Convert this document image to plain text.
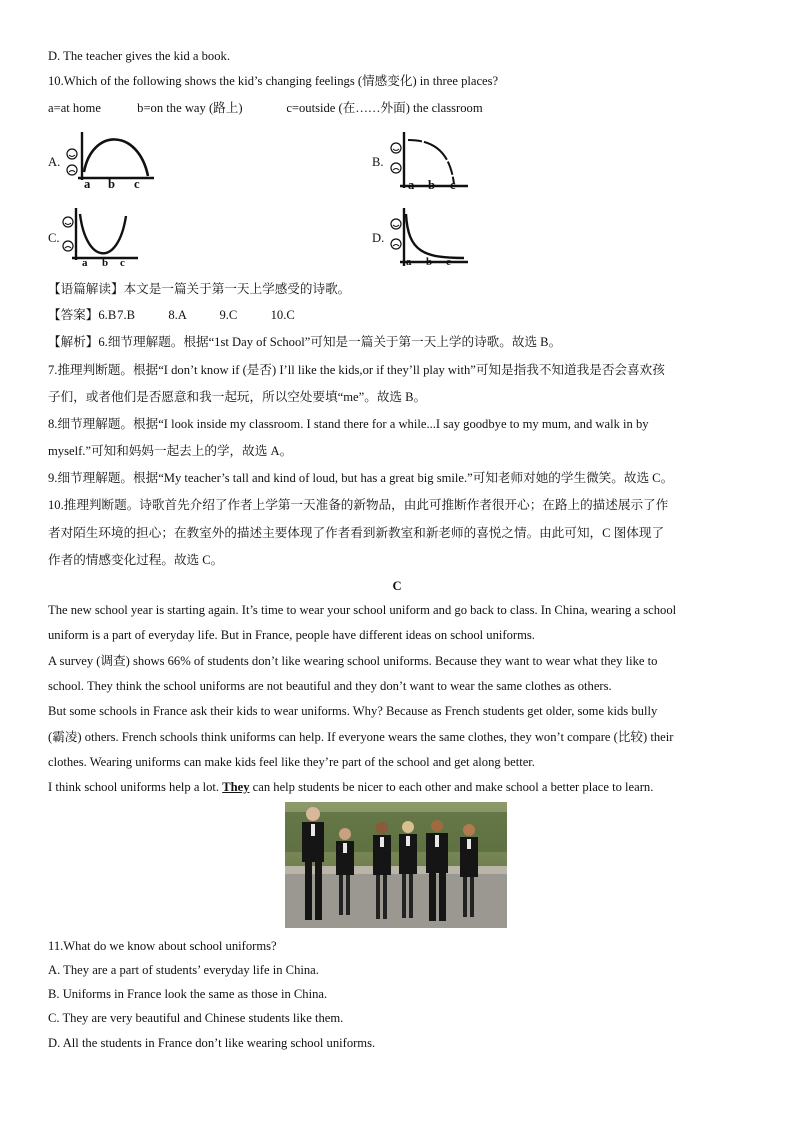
D. The teacher gives the kid a book.
10.Which of the following shows the kid’s changing feelings (情感变化) in three places?
a=at home	b=on the way (路上)	c=outside (在……外面) the classroom
A.
a b c
B.
a b c
C.
a b c
D.
a b c
【语篇解读】本文是一篇关于第一天上学感受的诗歌。
【答案】6.B 7.B	8.A	9.C	10.C
【解析】6.细节理解题。根据“1st Day of School”可知是一篇关于第一天上学的诗歌。故选 B。
7.推理判断题。根据“I don’t know if (是否) I’ll like the kids,or if they’ll play with”可知是指我不知道我是否会喜欢孩
子们，或者他们是否愿意和我一起玩，所以空处要填“me”。故选 B。
8.细节理解题。根据“I look inside my classroom. I stand there for a while...I say goodbye to my mum, and walk in by
myself.”可知和妈妈一起去上的学，故选 A。
9.细节理解题。根据“My teacher’s tall and kind of loud, but has a great big smile.”可知老师对她的学生微笑。故选 C。
10.推理判断题。诗歌首先介绍了作者上学第一天准备的新物品，由此可推断作者很开心；在路上的描述展示了作
者对陌生环境的担心；在教室外的描述主要体现了作者看到新教室和新老师的喜悦之情。由此可知，C 图体现了
作者的情感变化过程。故选 C。
C
The new school year is starting again. It’s time to wear your school uniform and go back to class. In China, wearing a school
uniform is a part of everyday life. But in France, people have different ideas on school uniforms.
A survey (调查) shows 66% of students don’t like wearing school uniforms. Because they want to wear what they like to
school. They think the school uniforms are not beautiful and they don’t want to wear the same clothes as others.
But some schools in France ask their kids to wear uniforms. Why? Because as French students get older, some kids bully
(霸凌) others. French schools think uniforms can help. If everyone wears the same clothes, they won’t compare (比较) their
clothes. Wearing uniforms can make kids feel like they’re part of the school and get along better.
I think school uniforms help a lot. They can help students be nicer to each other and make school a better place to learn.
11.What do we know about school uniforms?
A. They are a part of students’ everyday life in China.
B. Uniforms in France look the same as those in China.
C. They are very beautiful and Chinese students like them.
D. All the students in France don’t like wearing school uniforms.
